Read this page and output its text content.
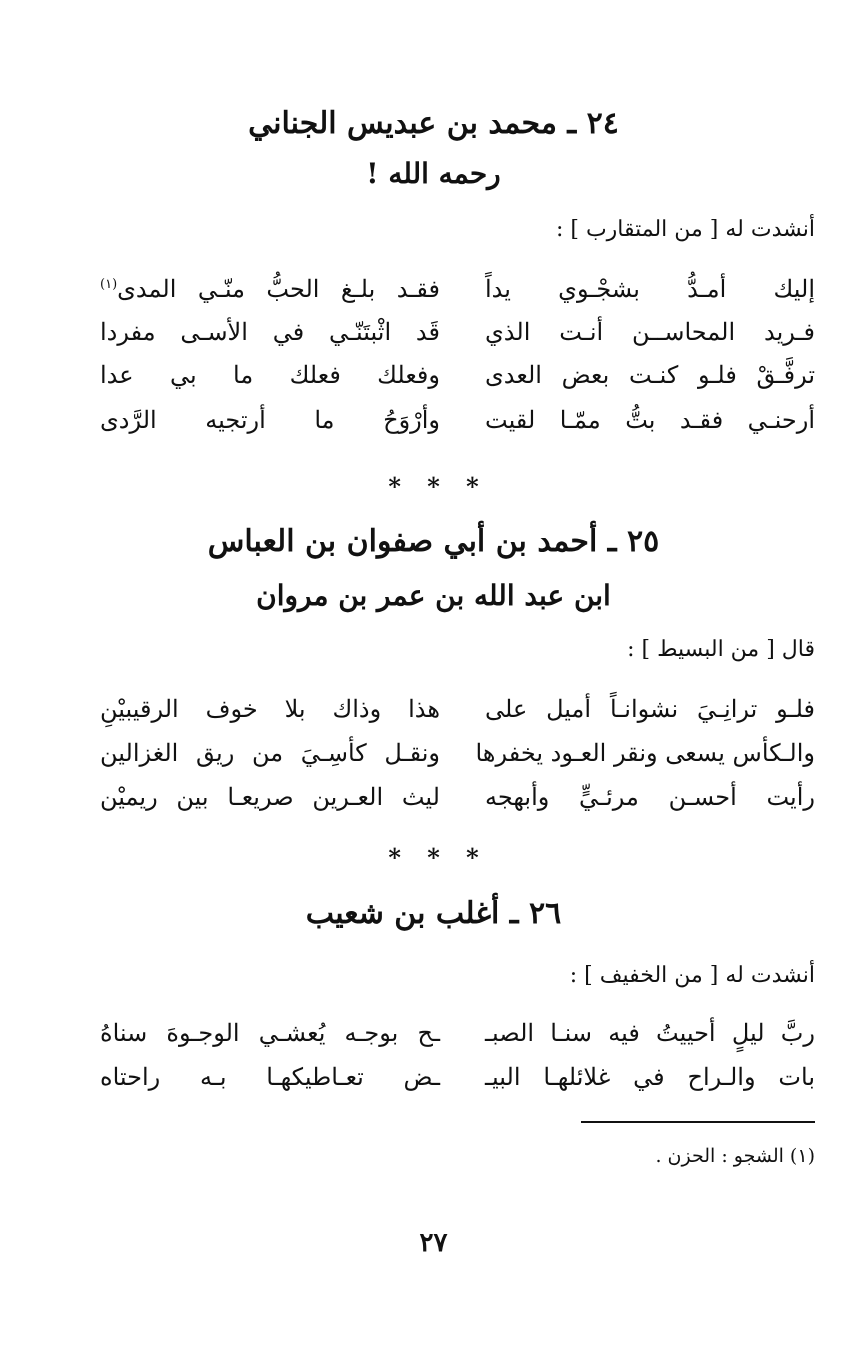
٢٤ ـ محمد بن عبديس الجناني
رحمه الله !
أنشدت له [ من المتقارب ] :
إليك أمـدُّ بشجْـوي يداً
فقـد بلـغ الحبُّ منّـي المدى$^{(١)}$
فـريد المحاســن أنـت الذي
قَد اثْبتَنّـي في الأسـى مفردا
ترفَّـقْ فلـو كنـت بعض العدى
وفعلك فعلك ما بي عدا
أرحنـي فقـد بتُّ ممّـا لقيت
وأرْوَحُ ما أرتجيه الرَّدى
* * *
٢٥ ـ أحمد بن أبي صفوان بن العباس
ابن عبد الله بن عمر بن مروان
قال [ من البسيط ] :
فلـو ترانِـيَ نشوانـاً أميل على
هذا وذاك بلا خوف الرقيبيْنِ
والـكأس يسعى ونقر العـود يخفرها
ونقـل كأسِـيَ من ريق الغزالين
رأيت أحسـن مرئـيٍّ وأبهجه
ليث العـرين صريعـا بين ريميْن
* * *
٢٦ ـ أغلب بن شعيب
أنشدت له [ من الخفيف ] :
ربَّ ليلٍ أحييتُ فيه سنـا الصبـ
ـح بوجـه يُعشـي الوجـوهَ سناهُ
بات والـراح في غلائلهـا البيـ
ـض تعـاطيكهـا بـه راحتاه
(١) الشجو : الحزن .
٢٧
